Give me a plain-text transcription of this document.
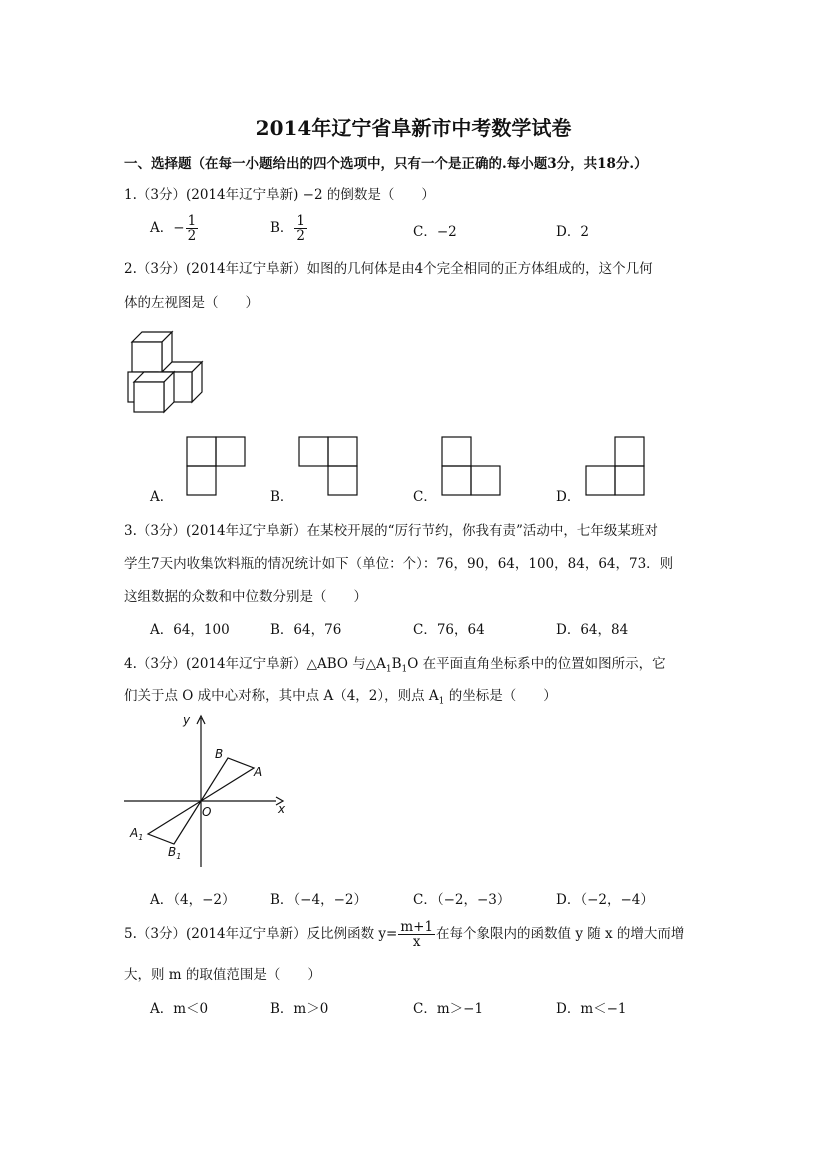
2014年辽宁省阜新市中考数学试卷
一、选择题（在每一小题给出的四个选项中，只有一个是正确的.每小题3分，共18分.）
1.（3分）(2014年辽宁阜新) −2 的倒数是（　　）
A．− $\frac{1}{2}$	B． $\frac{1}{2}$	C．−2	D．2
2.（3分）(2014年辽宁阜新）如图的几何体是由4个完全相同的正方体组成的，这个几何
体的左视图是（　　）
A．	B．	C．	D．
3.（3分）(2014年辽宁阜新）在某校开展的“厉行节约，你我有责”活动中，七年级某班对
学生7天内收集饮料瓶的情况统计如下（单位：个）：76，90，64，100，84，64，73．则
这组数据的众数和中位数分别是（　　）
A．64，100	B．64，76	C．76，64	D．64，84
4.（3分）(2014年辽宁阜新）△ABO 与$\triangle A_1B_1O$ 在平面直角坐标系中的位置如图所示，它
们关于点 O 成中心对称，其中点 A（4，2），则点 $A_1$ 的坐标是（　　）
y
x
O
A
B
$A_1$
$B_1$
A．（4，−2）	B．（−4，−2）	C．（−2，−3）	D．（−2，−4）
5.（3分）(2014年辽宁阜新）反比例函数 $y= \frac{m+1}{x}$ 在每个象限内的函数值 y 随 x 的增大而增
大，则 m 的取值范围是（　　）
A．m＜0	B．m＞0	C．m＞−1	D．m＜−1
